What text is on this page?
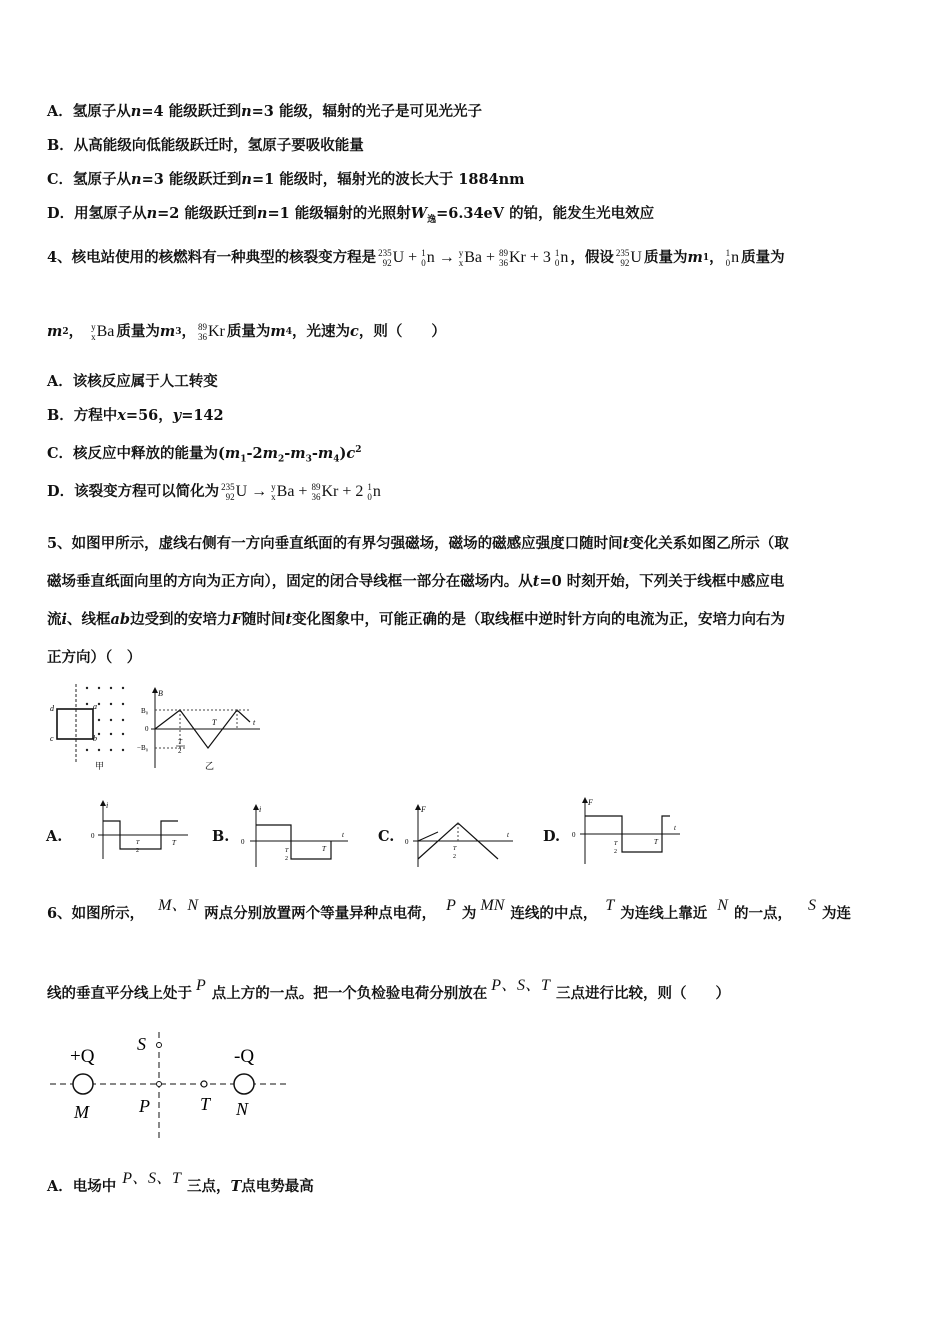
A．氢原子从n=4 能级跃迁到n=3 能级，辐射的光子是可见光光子
B．从高能级向低能级跃迁时，氢原子要吸收能量
C．氢原子从n=3 能级跃迁到n=1 能级时，辐射光的波长大于 1884nm
D．用氢原子从n=2 能级跃迁到n=1 能级辐射的光照射$W_逸=6.34eV$ 的铂，能发生光电效应
4、 核电站使用的核燃料有一种典型的核裂变方程是 235
92 U + 1
0 n → y
x Ba + 89
36 Kr + 3 1
0 n ，假设 235
92 U 质量为 m 1 ， 1
0 n 质量为
m 2 ， y
x Ba 质量为 m 3 ， 89
36 Kr 质量为 m 4 ，光速为 c ，则（　　）
A．该核反应属于人工转变
B．方程中x=56，y=142
C．核反应中释放的能量为$(m_1-2m_2-m_3-m_4)c^2$
D． 该裂变方程可以简化为 235
92 U → y
x Ba + 89
36 Kr + 2 1
0 n
5、如图甲所示，虚线右侧有一方向垂直纸面的有界匀强磁场，磁场的磁感应强度口随时间t变化关系如图乙所示（取
磁场垂直纸面向里的方向为正方向），固定的闭合导线框一部分在磁场内。从t=0 时刻开始，下列关于线框中感应电
流i、线框ab边受到的安培力F随时间t变化图象中，可能正确的是（取线框中逆时针方向的电流为正，安培力向右为
正方向）（　）
d	a
c	b
甲
B
B₀
0
−B₀
T	t
T
2
乙
A.
i
0
T
2
T B.
i
0
t
T
2
T
C.
F
0
t
T
2
D.
F
0
t
T
2
T
6、 如图所示， M、N 两点分别放置两个等量异种点电荷， P 为 MN 连线的中点， T 为连线上靠近 N 的一点， S 为连
线的垂直平分线上处于 P 点上方的一点。把一个负检验电荷分别放在 P、S、T 三点进行比较，则（　　）
+Q	-Q
S
M	P	T N
A． 电场中 P、S、T 三点， T 点电势最高
